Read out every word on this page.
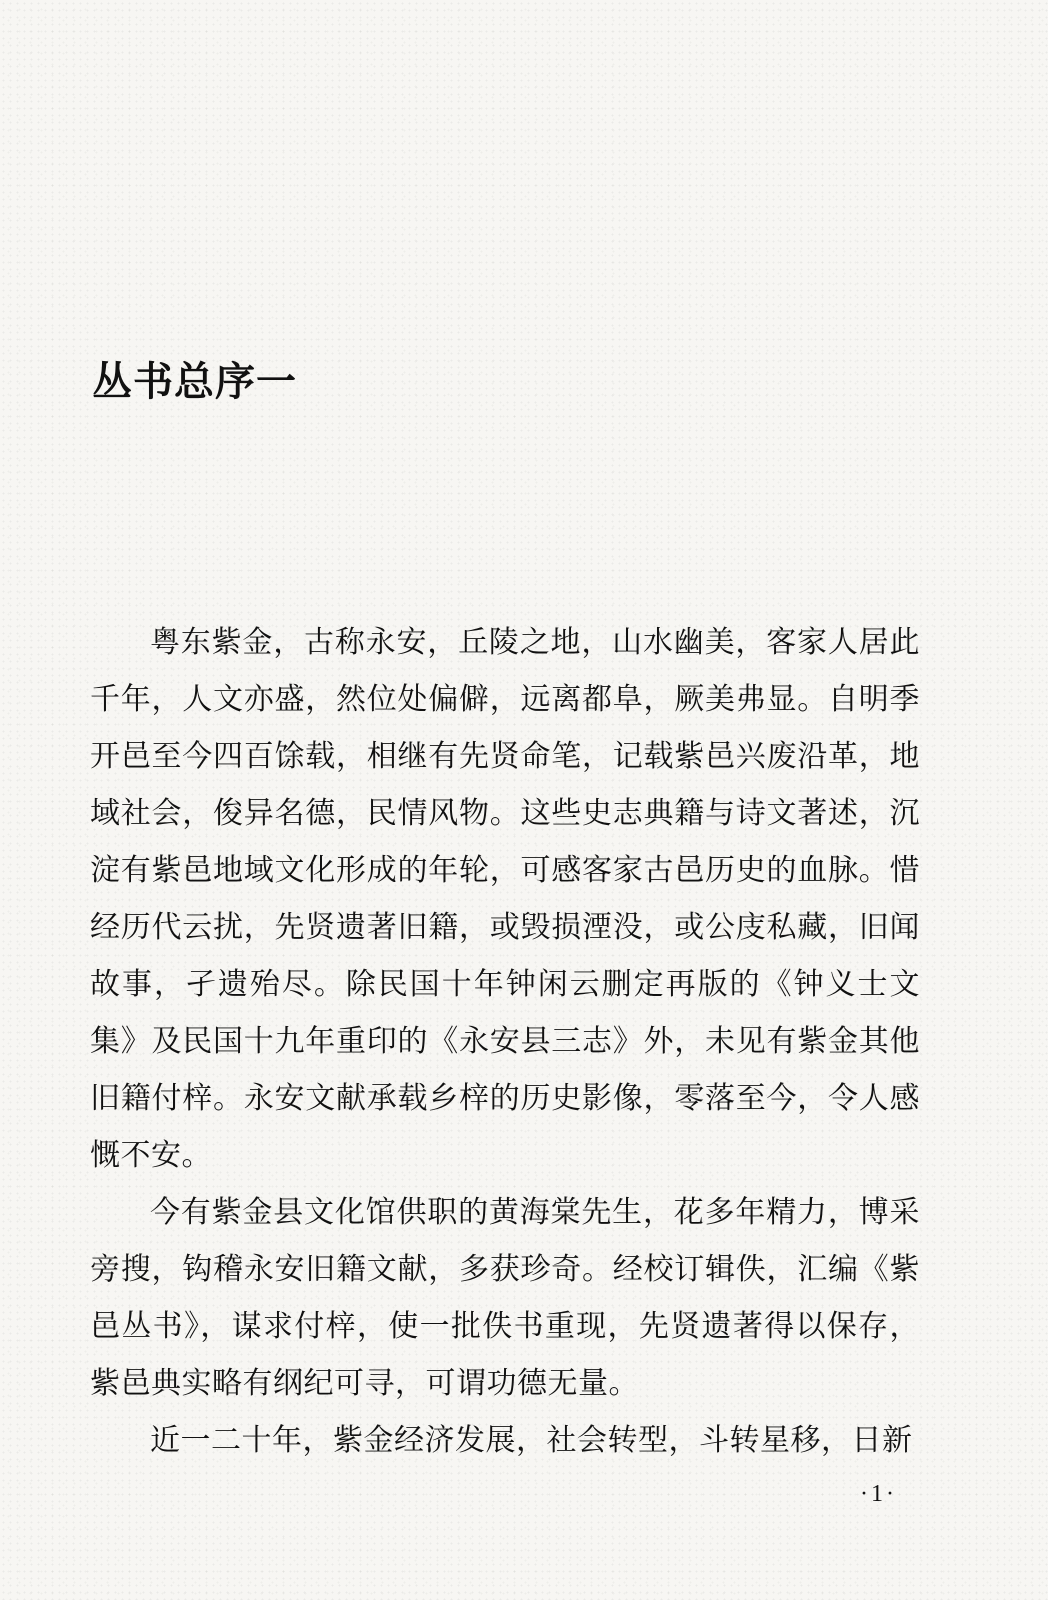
丛书总序一

粤东紫金，古称永安，丘陵之地，山水幽美，客家人居此千年，人文亦盛，然位处偏僻，远离都阜，厥美弗显。自明季开邑至今四百馀载，相继有先贤命笔，记载紫邑兴废沿革，地域社会，俊异名德，民情风物。这些史志典籍与诗文著述，沉淀有紫邑地域文化形成的年轮，可感客家古邑历史的血脉。惜经历代云扰，先贤遗著旧籍，或毁损湮没，或公庋私藏，旧闻故事，孑遗殆尽。除民国十年钟闲云删定再版的《钟义士文集》及民国十九年重印的《永安县三志》外，未见有紫金其他旧籍付梓。永安文献承载乡梓的历史影像，零落至今，令人感慨不安。

今有紫金县文化馆供职的黄海棠先生，花多年精力，博采旁搜，钩稽永安旧籍文献，多获珍奇。经校订辑佚，汇编《紫邑丛书》，谋求付梓，使一批佚书重现，先贤遗著得以保存，紫邑典实略有纲纪可寻，可谓功德无量。

近一二十年，紫金经济发展，社会转型，斗转星移，日新

·1·
